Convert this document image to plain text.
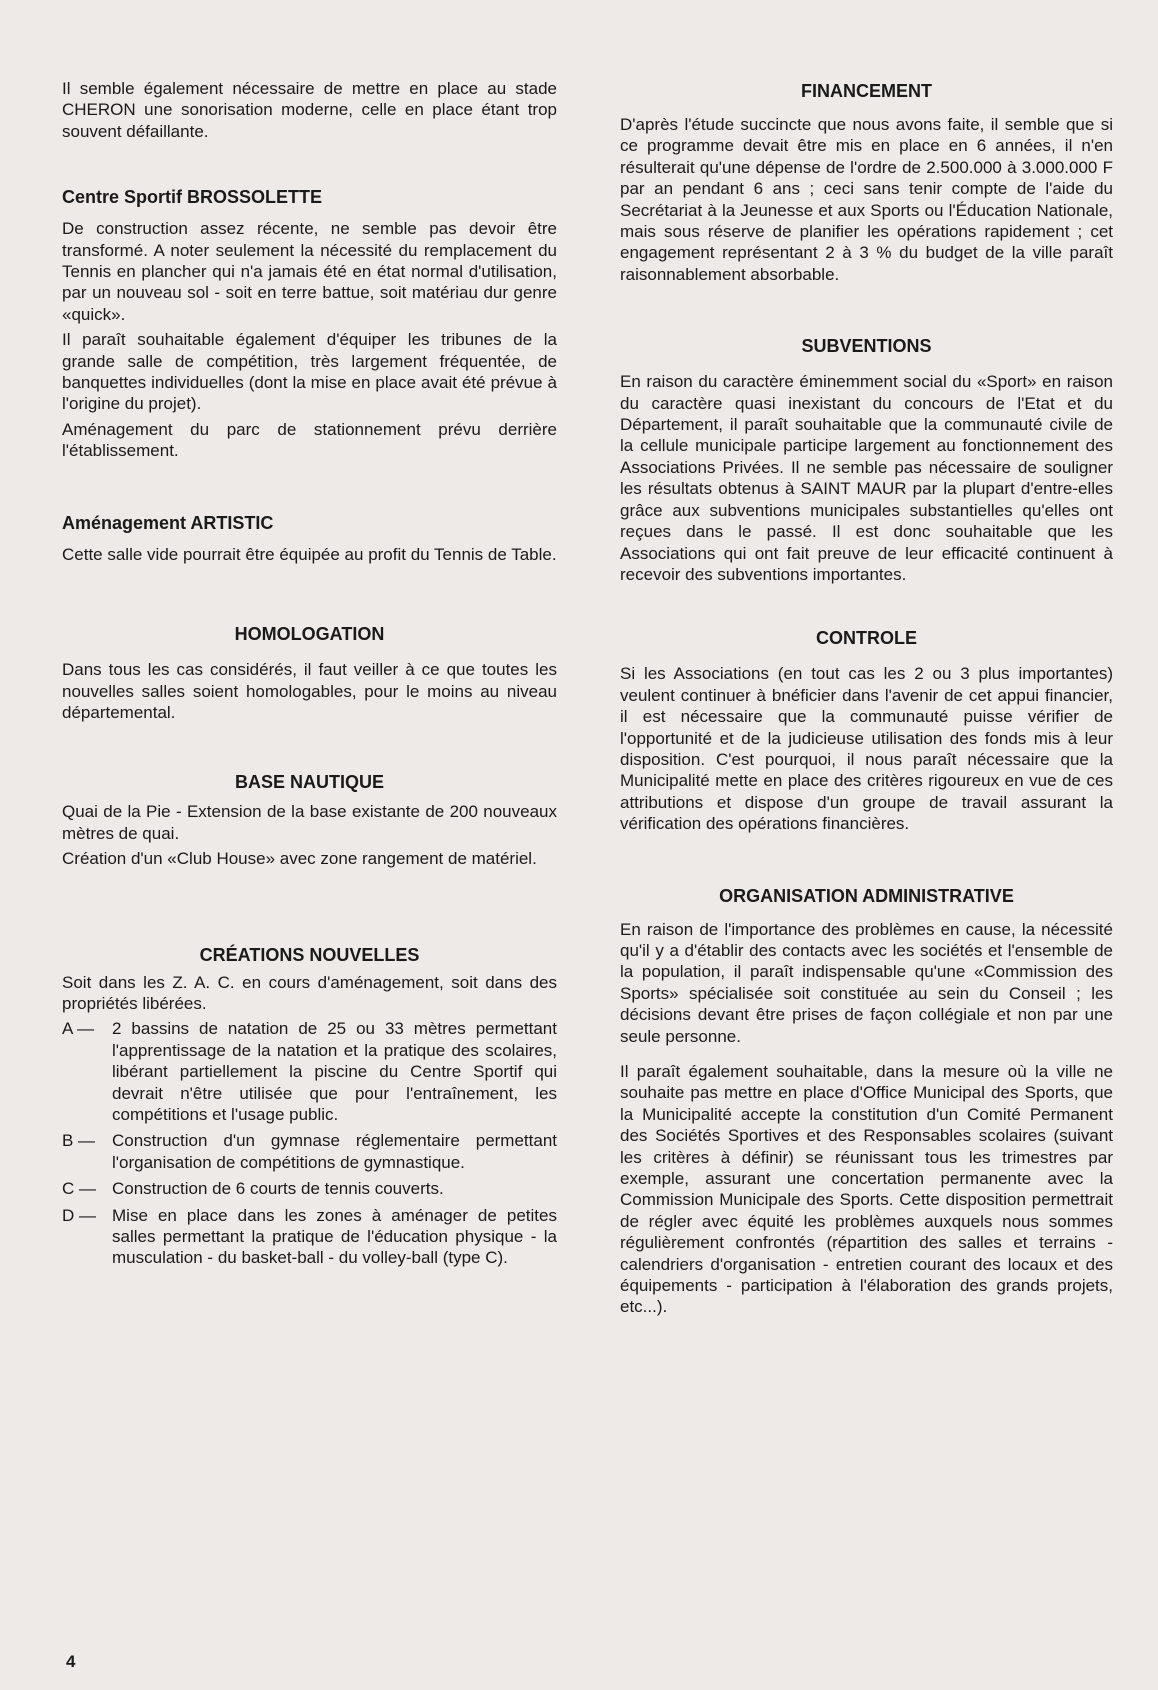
Il semble également nécessaire de mettre en place au stade CHERON une sonorisation moderne, celle en place étant trop souvent défaillante.

Centre Sportif BROSSOLETTE

De construction assez récente, ne semble pas devoir être transformé. A noter seulement la nécessité du remplacement du Tennis en plancher qui n'a jamais été en état normal d'utilisation, par un nouveau sol - soit en terre battue, soit matériau dur genre «quick».

Il paraît souhaitable également d'équiper les tribunes de la grande salle de compétition, très largement fréquentée, de banquettes individuelles (dont la mise en place avait été prévue à l'origine du projet).

Aménagement du parc de stationnement prévu derrière l'établissement.

Aménagement ARTISTIC

Cette salle vide pourrait être équipée au profit du Tennis de Table.

HOMOLOGATION

Dans tous les cas considérés, il faut veiller à ce que toutes les nouvelles salles soient homologables, pour le moins au niveau départemental.

BASE NAUTIQUE

Quai de la Pie - Extension de la base existante de 200 nouveaux mètres de quai.

Création d'un «Club House» avec zone rangement de matériel.

CRÉATIONS NOUVELLES

Soit dans les Z. A. C. en cours d'aménagement, soit dans des propriétés libérées.

A —	2 bassins de natation de 25 ou 33 mètres permettant l'apprentissage de la natation et la pratique des scolaires, libérant partiellement la piscine du Centre Sportif qui devrait n'être utilisée que pour l'entraînement, les compétitions et l'usage public.
B — Construction d'un gymnase réglementaire permettant l'organisation de compétitions de gymnastique.
C — Construction de 6 courts de tennis couverts.
D — Mise en place dans les zones à aménager de petites salles permettant la pratique de l'éducation physique - la musculation - du basket-ball - du volley-ball (type C).
FINANCEMENT

D'après l'étude succincte que nous avons faite, il semble que si ce programme devait être mis en place en 6 années, il n'en résulterait qu'une dépense de l'ordre de 2.500.000 à 3.000.000 F par an pendant 6 ans ; ceci sans tenir compte de l'aide du Secrétariat à la Jeunesse et aux Sports ou l'Éducation Nationale, mais sous réserve de planifier les opérations rapidement ; cet engagement représentant 2 à 3 % du budget de la ville paraît raisonnablement absorbable.

SUBVENTIONS

En raison du caractère éminemment social du «Sport» en raison du caractère quasi inexistant du concours de l'Etat et du Département, il paraît souhaitable que la communauté civile de la cellule municipale participe largement au fonctionnement des Associations Privées. Il ne semble pas nécessaire de souligner les résultats obtenus à SAINT MAUR par la plupart d'entre-elles grâce aux subventions municipales substantielles qu'elles ont reçues dans le passé. Il est donc souhaitable que les Associations qui ont fait preuve de leur efficacité continuent à recevoir des subventions importantes.

CONTROLE

Si les Associations (en tout cas les 2 ou 3 plus importantes) veulent continuer à bnéficier dans l'avenir de cet appui financier, il est nécessaire que la communauté puisse vérifier de l'opportunité et de la judicieuse utilisation des fonds mis à leur disposition. C'est pourquoi, il nous paraît nécessaire que la Municipalité mette en place des critères rigoureux en vue de ces attributions et dispose d'un groupe de travail assurant la vérification des opérations financières.

ORGANISATION ADMINISTRATIVE

En raison de l'importance des problèmes en cause, la nécessité qu'il y a d'établir des contacts avec les sociétés et l'ensemble de la population, il paraît indispensable qu'une «Commission des Sports» spécialisée soit constituée au sein du Conseil ; les décisions devant être prises de façon collégiale et non par une seule personne.

Il paraît également souhaitable, dans la mesure où la ville ne souhaite pas mettre en place d'Office Municipal des Sports, que la Municipalité accepte la constitution d'un Comité Permanent des Sociétés Sportives et des Responsables scolaires (suivant les critères à définir) se réunissant tous les trimestres par exemple, assurant une concertation permanente avec la Commission Municipale des Sports. Cette disposition permettrait de régler avec équité les problèmes auxquels nous sommes régulièrement confrontés (répartition des salles et terrains - calendriers d'organisation - entretien courant des locaux et des équipements - participation à l'élaboration des grands projets, etc...).

4
